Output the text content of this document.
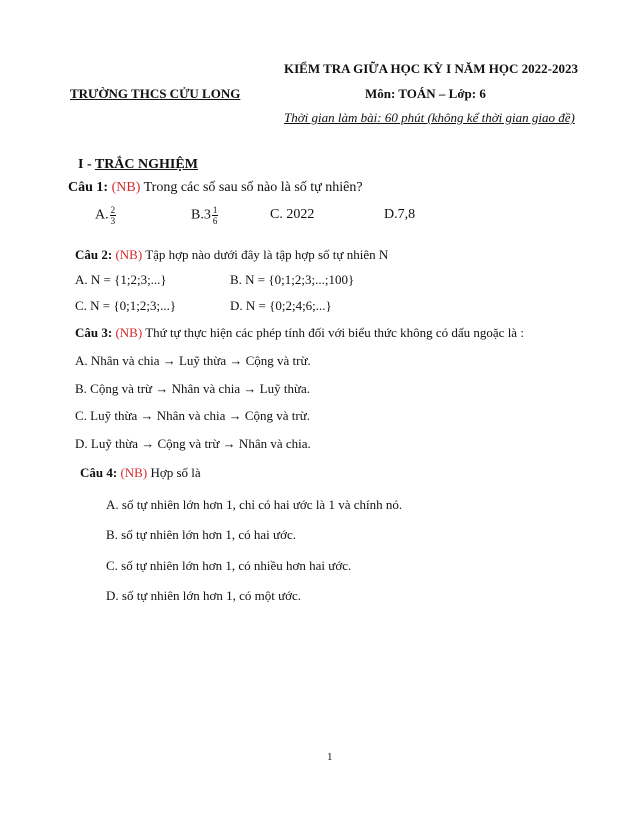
KIỂM TRA GIỮA HỌC KỲ I NĂM HỌC 2022-2023
TRƯỜNG THCS CỬU LONG	Môn: TOÁN – Lớp: 6
Thời gian làm bài: 60 phút (không kể thời gian giao đề)
I - TRẮC NGHIỆM
Câu 1: (NB) Trong các số sau số nào là số tự nhiên?
A. $\frac{2}{3}$	$B.3 \frac{1}{6}$	C. 2022	D.7,8
Câu 2: (NB) Tập hợp nào dưới đây là tập hợp số tự nhiên N
A. N = {1;2;3;...}	B. N = {0;1;2;3;...;100}
C. N = {0;1;2;3;...}	D. N = {0;2;4;6;...}
Câu 3: (NB) Thứ tự thực hiện các phép tính đối với biểu thức không có dấu ngoặc là :
A. Nhân và chia → Luỹ thừa → Cộng và trừ.
B. Cộng và trừ → Nhân và chia → Luỹ thừa.
C. Luỹ thừa → Nhân và chia → Cộng và trừ.
D. Luỹ thừa → Cộng và trừ → Nhân và chia.
Câu 4: (NB) Hợp số là
A. số tự nhiên lớn hơn 1, chỉ có hai ước là 1 và chính nó.
B. số tự nhiên lớn hơn 1, có hai ước.
C. số tự nhiên lớn hơn 1, có nhiều hơn hai ước.
D. số tự nhiên lớn hơn 1, có một ước.
1
